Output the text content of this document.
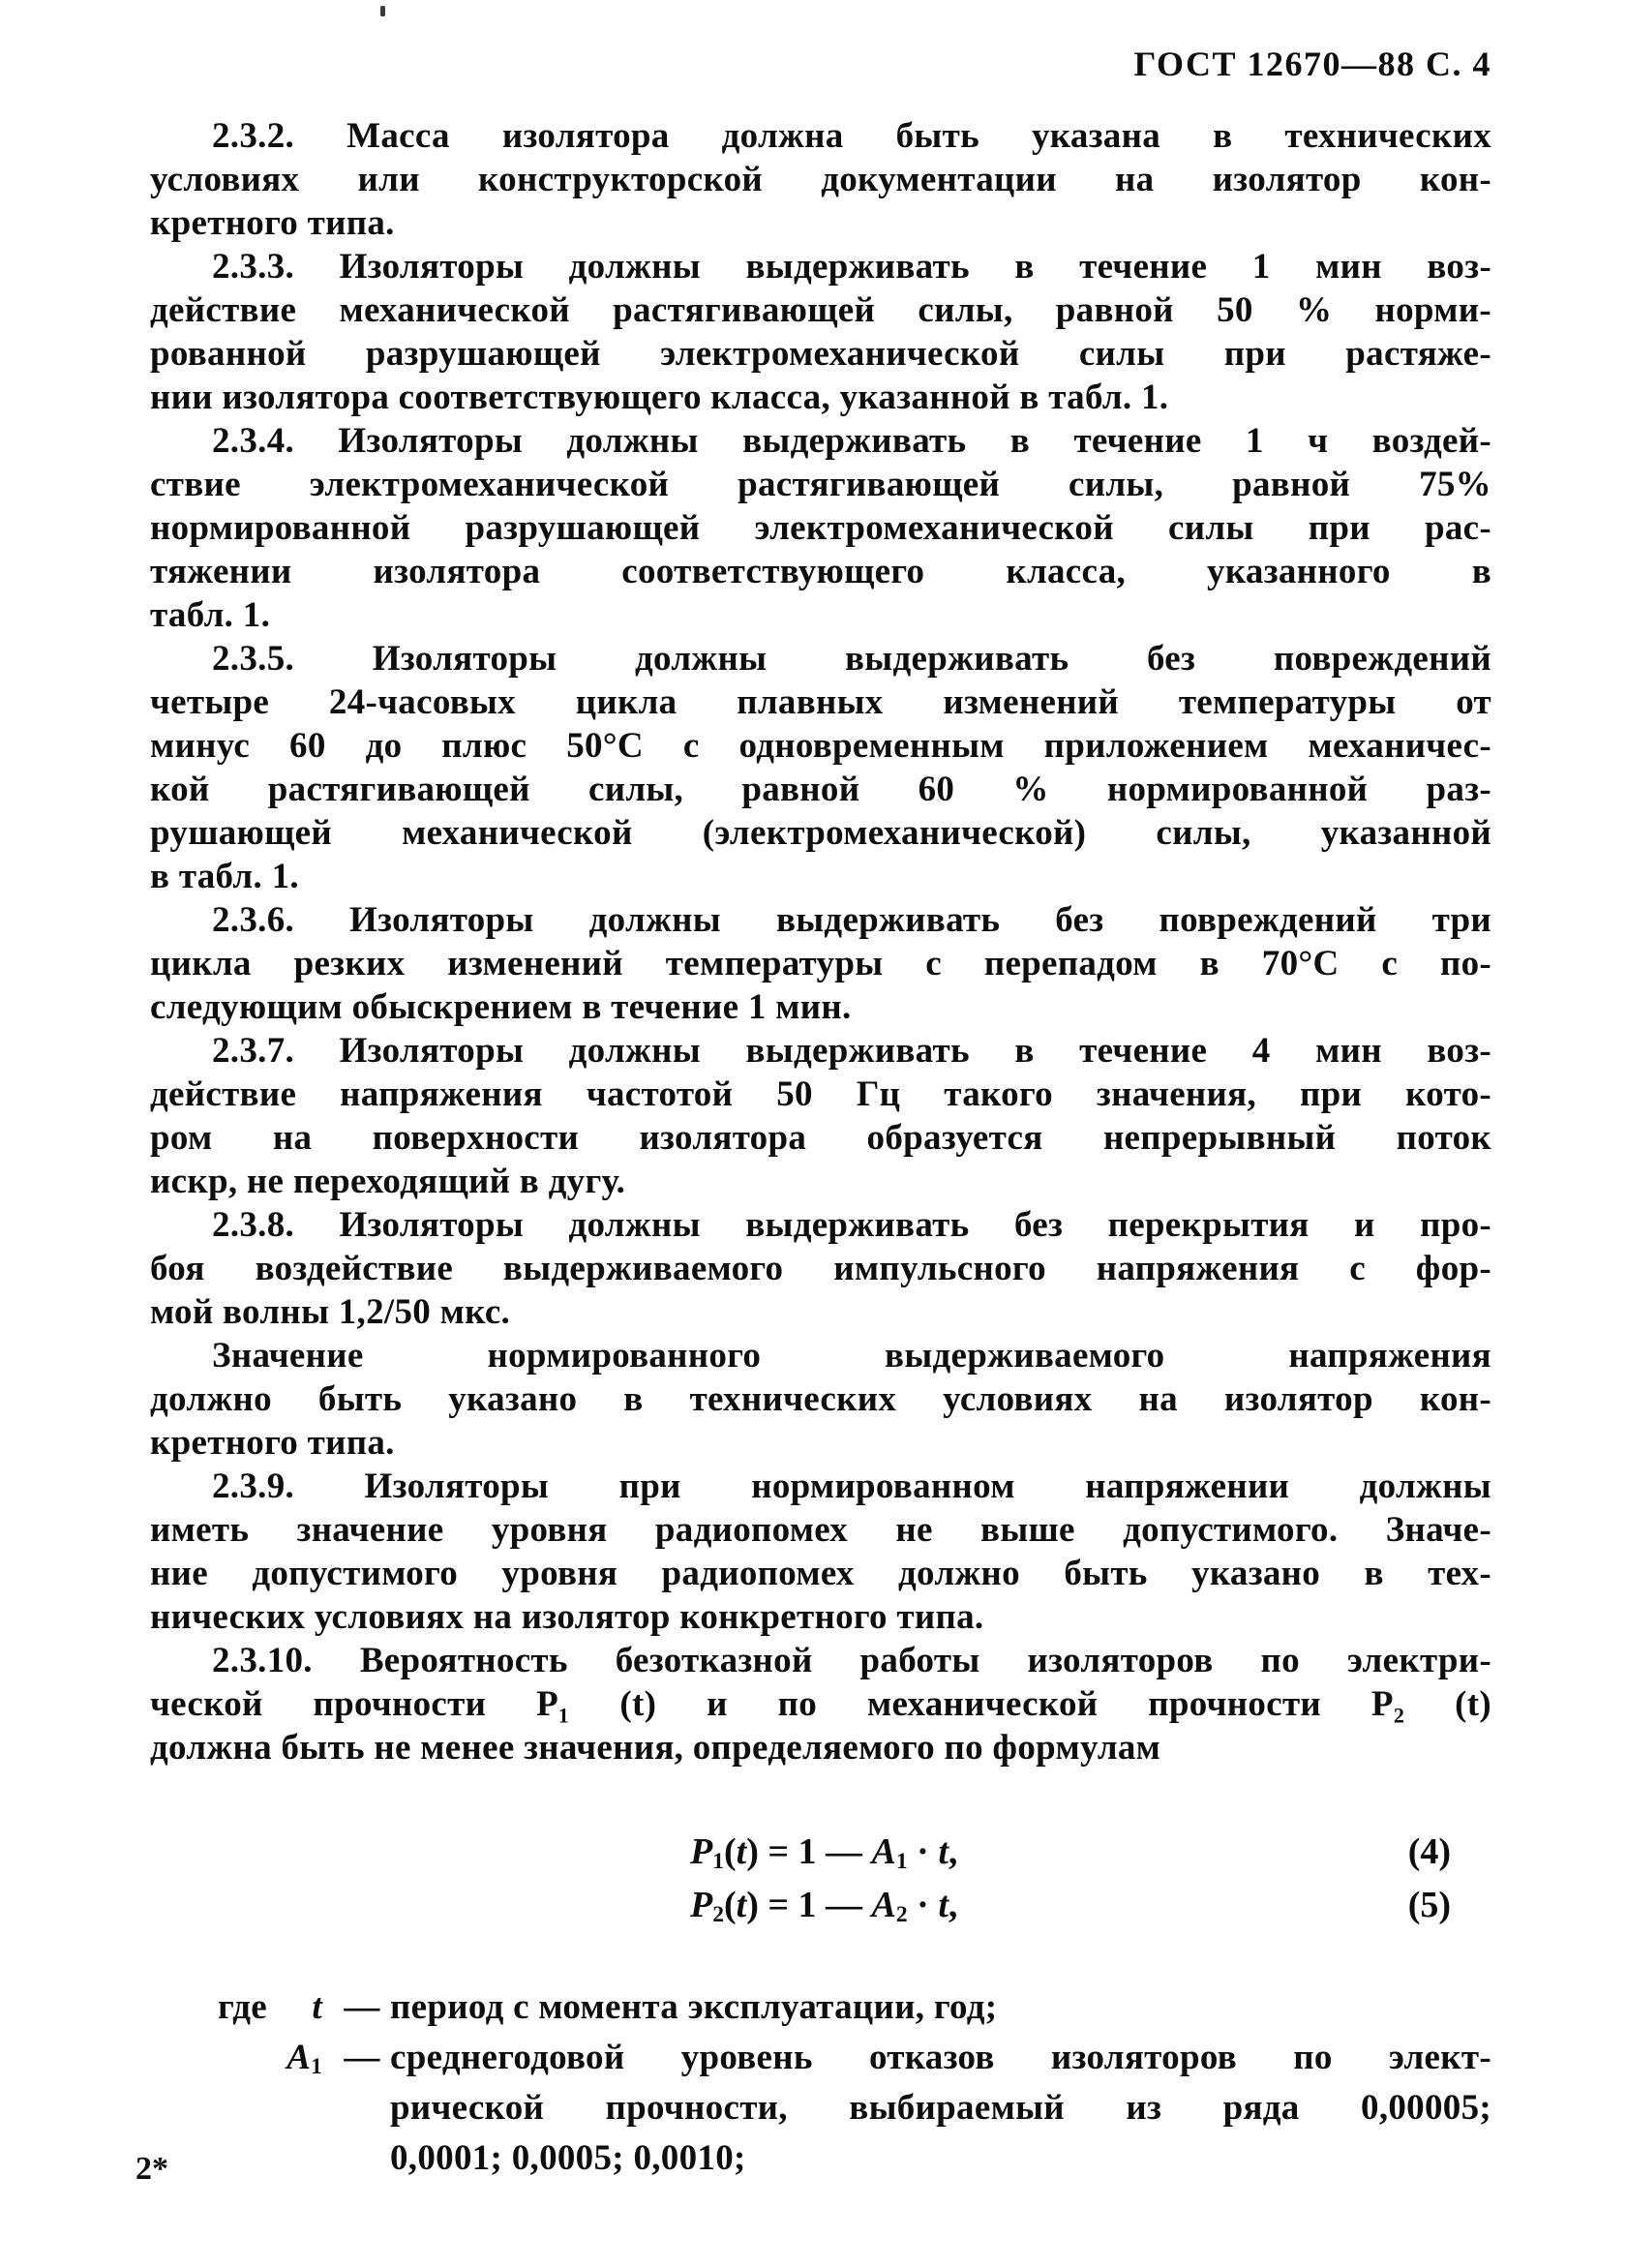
ГОСТ 12670—88 С. 4
2.3.2. Масса изолятора должна быть указана в технических
условиях или конструкторской документации на изолятор кон-
кретного типа.
2.3.3. Изоляторы должны выдерживать в течение 1 мин воз-
действие механической растягивающей силы, равной 50 % норми-
рованной разрушающей электромеханической силы при растяже-
нии изолятора соответствующего класса, указанной в табл. 1.
2.3.4. Изоляторы должны выдерживать в течение 1 ч воздей-
ствие электромеханической растягивающей силы, равной 75%
нормированной разрушающей электромеханической силы при рас-
тяжении изолятора соответствующего класса, указанного в
табл. 1.
2.3.5. Изоляторы должны выдерживать без повреждений
четыре 24-часовых цикла плавных изменений температуры от
минус 60 до плюс 50°С с одновременным приложением механичес-
кой растягивающей силы, равной 60 % нормированной раз-
рушающей механической (электромеханической) силы, указанной
в табл. 1.
2.3.6. Изоляторы должны выдерживать без повреждений три
цикла резких изменений температуры с перепадом в 70°С с по-
следующим обыскрением в течение 1 мин.
2.3.7. Изоляторы должны выдерживать в течение 4 мин воз-
действие напряжения частотой 50 Гц такого значения, при кото-
ром на поверхности изолятора образуется непрерывный поток
искр, не переходящий в дугу.
2.3.8. Изоляторы должны выдерживать без перекрытия и про-
боя воздействие выдерживаемого импульсного напряжения с фор-
мой волны 1,2/50 мкс.
Значение нормированного выдерживаемого напряжения
должно быть указано в технических условиях на изолятор кон-
кретного типа.
2.3.9. Изоляторы при нормированном напряжении должны
иметь значение уровня радиопомех не выше допустимого. Значе-
ние допустимого уровня радиопомех должно быть указано в тех-
нических условиях на изолятор конкретного типа.
2.3.10. Вероятность безотказной работы изоляторов по электри-
ческой прочности P₁ (t) и по механической прочности P₂ (t)
должна быть не менее значения, определяемого по формулам
$P_1(t) = 1$ — $A_1 \cdot t$,	(4)
$P_2(t) = 1$ — $A_2 \cdot t$,	(5)
где t — период с момента эксплуатации, год;
$A_1$ — среднегодовой уровень отказов изоляторов по элект-
рической прочности, выбираемый из ряда 0,00005;
0,0001; 0,0005; 0,0010;
2*
